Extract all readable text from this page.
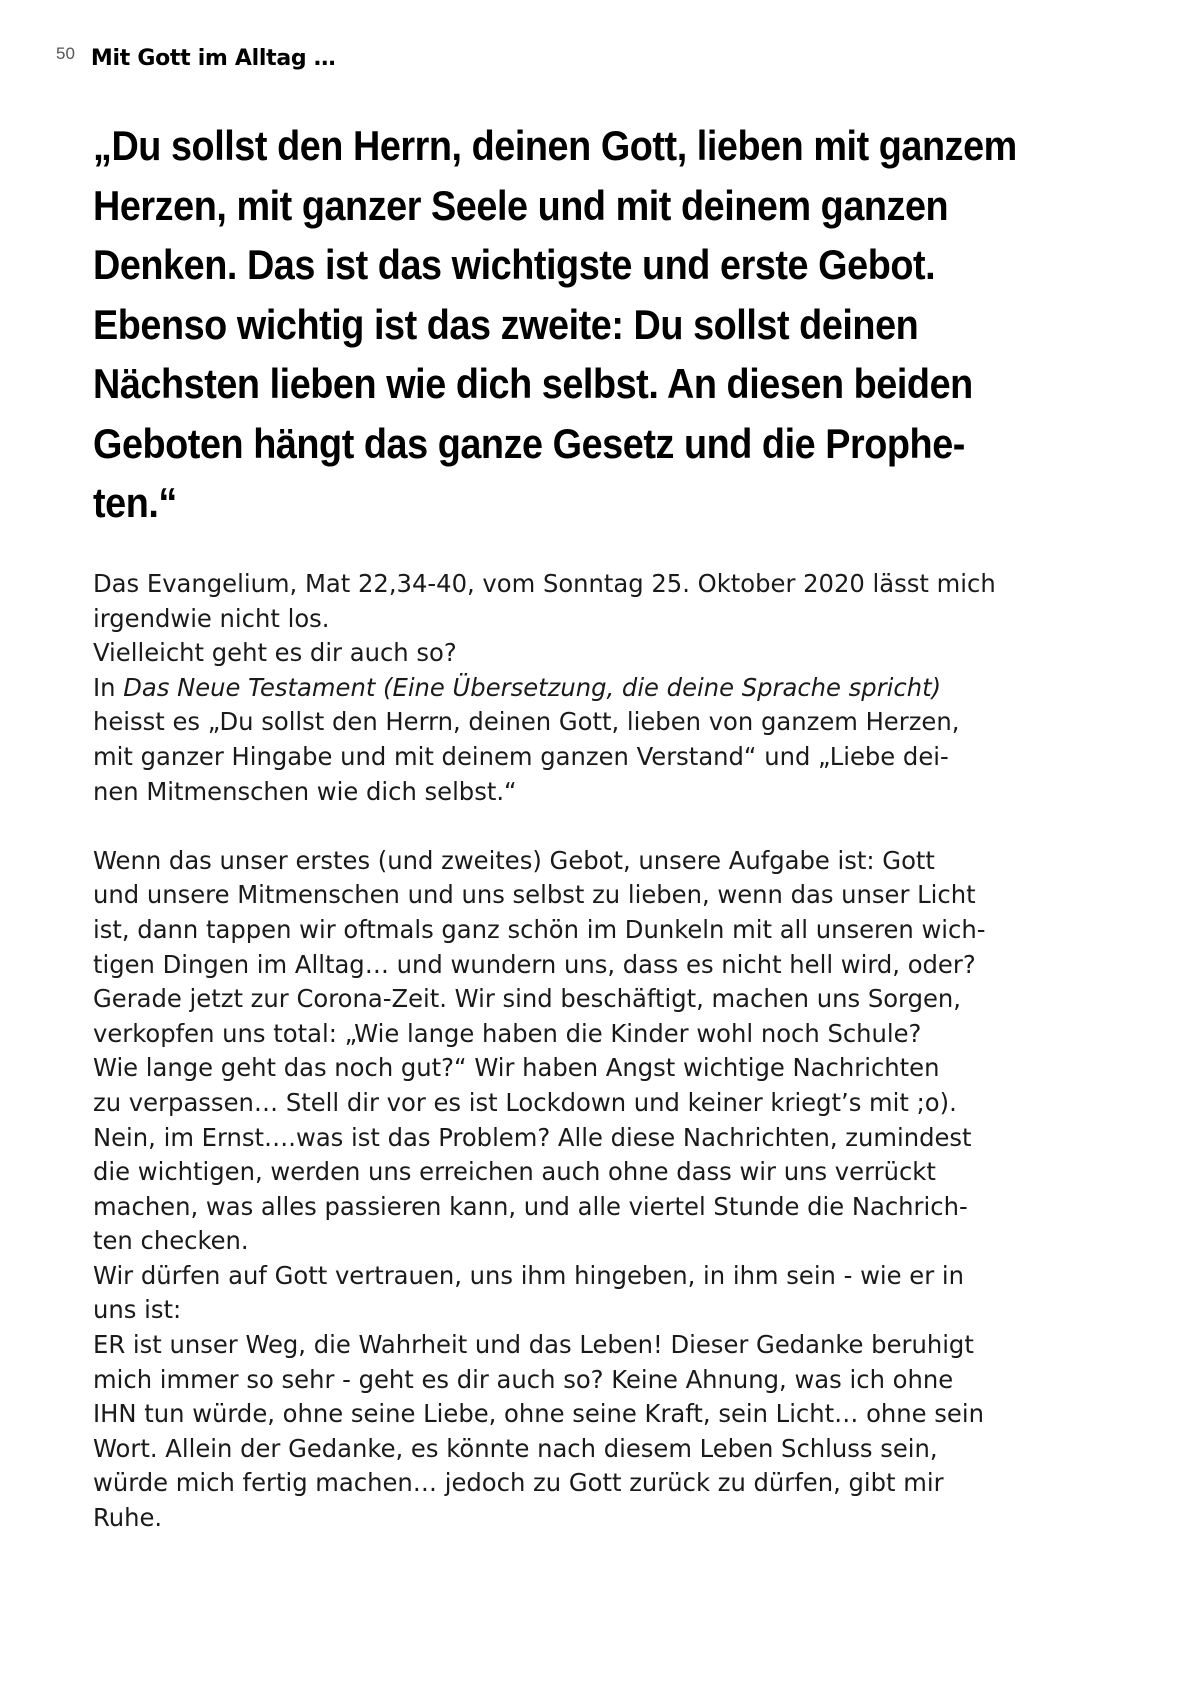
50 Mit Gott im Alltag …
„Du sollst den Herrn, deinen Gott, lieben mit ganzem
Herzen, mit ganzer Seele und mit deinem ganzen
Denken. Das ist das wichtigste und erste Gebot.
Ebenso wichtig ist das zweite: Du sollst deinen
Nächsten lieben wie dich selbst. An diesen beiden
Geboten hängt das ganze Gesetz und die Prophe-
ten.“
Das Evangelium, Mat 22,34-40, vom Sonntag 25. Oktober 2020 lässt mich
irgendwie nicht los.
Vielleicht geht es dir auch so?
In Das Neue Testament (Eine Übersetzung, die deine Sprache spricht)
heisst es „Du sollst den Herrn, deinen Gott, lieben von ganzem Herzen,
mit ganzer Hingabe und mit deinem ganzen Verstand“ und „Liebe dei-
nen Mitmenschen wie dich selbst.“
Wenn das unser erstes (und zweites) Gebot, unsere Aufgabe ist: Gott
und unsere Mitmenschen und uns selbst zu lieben, wenn das unser Licht
ist, dann tappen wir oftmals ganz schön im Dunkeln mit all unseren wich-
tigen Dingen im Alltag… und wundern uns, dass es nicht hell wird, oder?
Gerade jetzt zur Corona-Zeit. Wir sind beschäftigt, machen uns Sorgen,
verkopfen uns total: „Wie lange haben die Kinder wohl noch Schule?
Wie lange geht das noch gut?“ Wir haben Angst wichtige Nachrichten
zu verpassen… Stell dir vor es ist Lockdown und keiner kriegt’s mit ;o).
Nein, im Ernst….was ist das Problem? Alle diese Nachrichten, zumindest
die wichtigen, werden uns erreichen auch ohne dass wir uns verrückt
machen, was alles passieren kann, und alle viertel Stunde die Nachrich-
ten checken.
Wir dürfen auf Gott vertrauen, uns ihm hingeben, in ihm sein - wie er in
uns ist:
ER ist unser Weg, die Wahrheit und das Leben! Dieser Gedanke beruhigt
mich immer so sehr - geht es dir auch so? Keine Ahnung, was ich ohne
IHN tun würde, ohne seine Liebe, ohne seine Kraft, sein Licht… ohne sein
Wort. Allein der Gedanke, es könnte nach diesem Leben Schluss sein,
würde mich fertig machen… jedoch zu Gott zurück zu dürfen, gibt mir
Ruhe.
